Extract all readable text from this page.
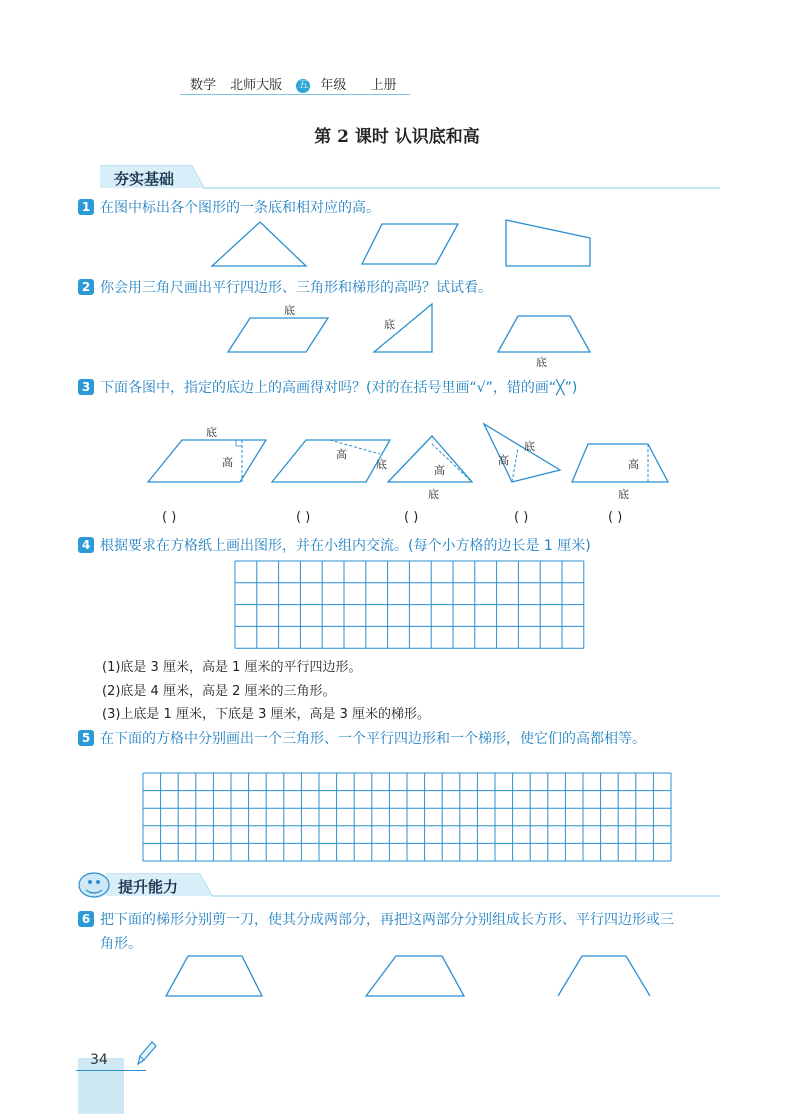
数学 北师大版 五 年级 上册
第 2 课时 认识底和高
夯实基础
1 在图中标出各个图形的一条底和相对应的高。
2 你会用三角尺画出平行四边形、三角形和梯形的高吗？试试看。
底
底
底
3 下面各图中，指定的底边上的高画得对吗？(对的在括号里画“√”，错的画“╳”)
底
高
高
底	高
底
底
高	高
底
( )	( )	( )	( )	( )
4 根据要求在方格纸上画出图形，并在小组内交流。(每个小方格的边长是 1 厘米)
(1)底是 3 厘米，高是 1 厘米的平行四边形。
(2)底是 4 厘米，高是 2 厘米的三角形。
(3)上底是 1 厘米，下底是 3 厘米，高是 3 厘米的梯形。
5 在下面的方格中分别画出一个三角形、一个平行四边形和一个梯形，使它们的高都相等。
提升能力
6 把下面的梯形分别剪一刀，使其分成两部分，再把这两部分分别组成长方形、平行四边形或三
角形。
34
